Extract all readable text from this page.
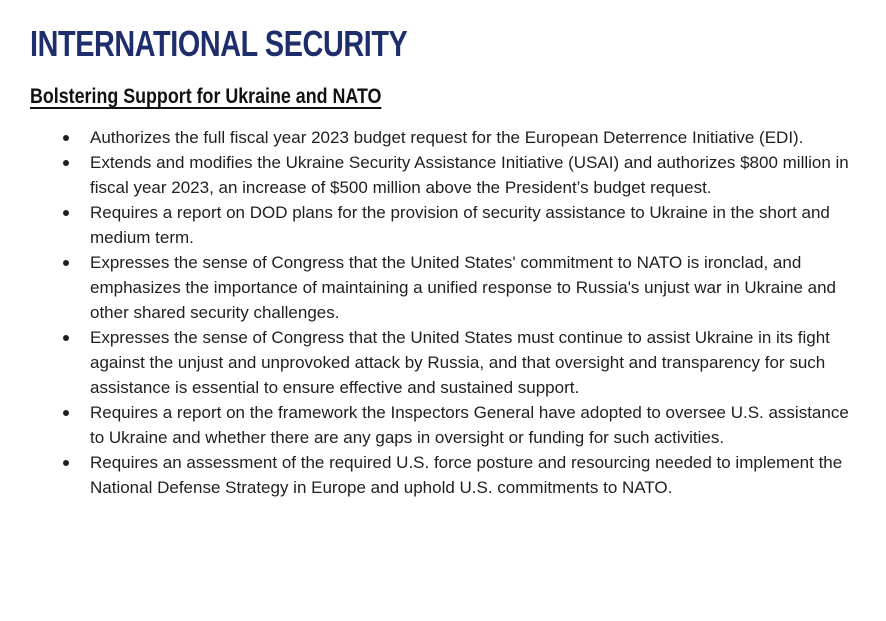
INTERNATIONAL SECURITY
Bolstering Support for Ukraine and NATO
Authorizes the full fiscal year 2023 budget request for the European Deterrence Initiative (EDI).
Extends and modifies the Ukraine Security Assistance Initiative (USAI) and authorizes $800 million in fiscal year 2023, an increase of $500 million above the President’s budget request.
Requires a report on DOD plans for the provision of security assistance to Ukraine in the short and medium term.
Expresses the sense of Congress that the United States' commitment to NATO is ironclad, and emphasizes the importance of maintaining a unified response to Russia's unjust war in Ukraine and other shared security challenges.
Expresses the sense of Congress that the United States must continue to assist Ukraine in its fight against the unjust and unprovoked attack by Russia, and that oversight and transparency for such assistance is essential to ensure effective and sustained support.
Requires a report on the framework the Inspectors General have adopted to oversee U.S. assistance to Ukraine and whether there are any gaps in oversight or funding for such activities.
Requires an assessment of the required U.S. force posture and resourcing needed to implement the National Defense Strategy in Europe and uphold U.S. commitments to NATO.
